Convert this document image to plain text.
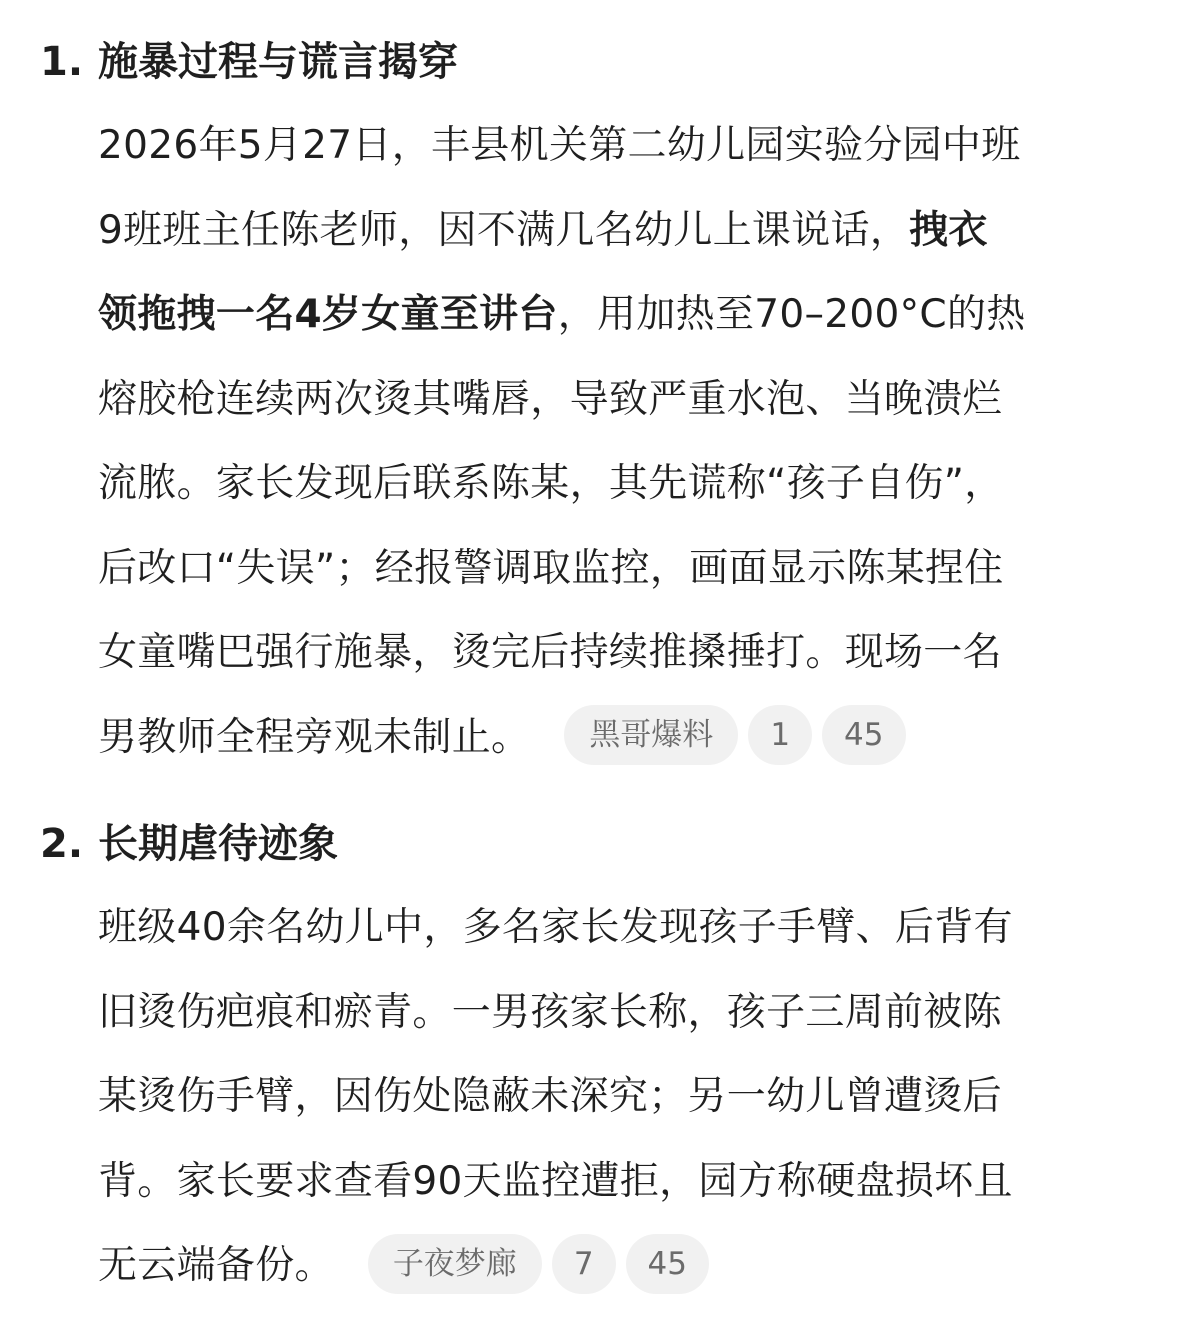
1. 施暴过程与谎言揭穿
2026年5月27日，丰县机关第二幼儿园实验分园中班
9班班主任陈老师，因不满几名幼儿上课说话，拽衣
领拖拽一名4岁女童至讲台，用加热至70–200°C的热
熔胶枪连续两次烫其嘴唇，导致严重水泡、当晚溃烂
流脓。家长发现后联系陈某，其先谎称“孩子自伤”，
后改口“失误”；经报警调取监控，画面显示陈某捏住
女童嘴巴强行施暴，烫完后持续推搡捶打。现场一名
男教师全程旁观未制止。	黑哥爆料	1	45
2. 长期虐待迹象
班级40余名幼儿中，多名家长发现孩子手臂、后背有
旧烫伤疤痕和瘀青。一男孩家长称，孩子三周前被陈
某烫伤手臂，因伤处隐蔽未深究；另一幼儿曾遭烫后
背。家长要求查看90天监控遭拒，园方称硬盘损坏且
无云端备份。	子夜梦廊	7	45
